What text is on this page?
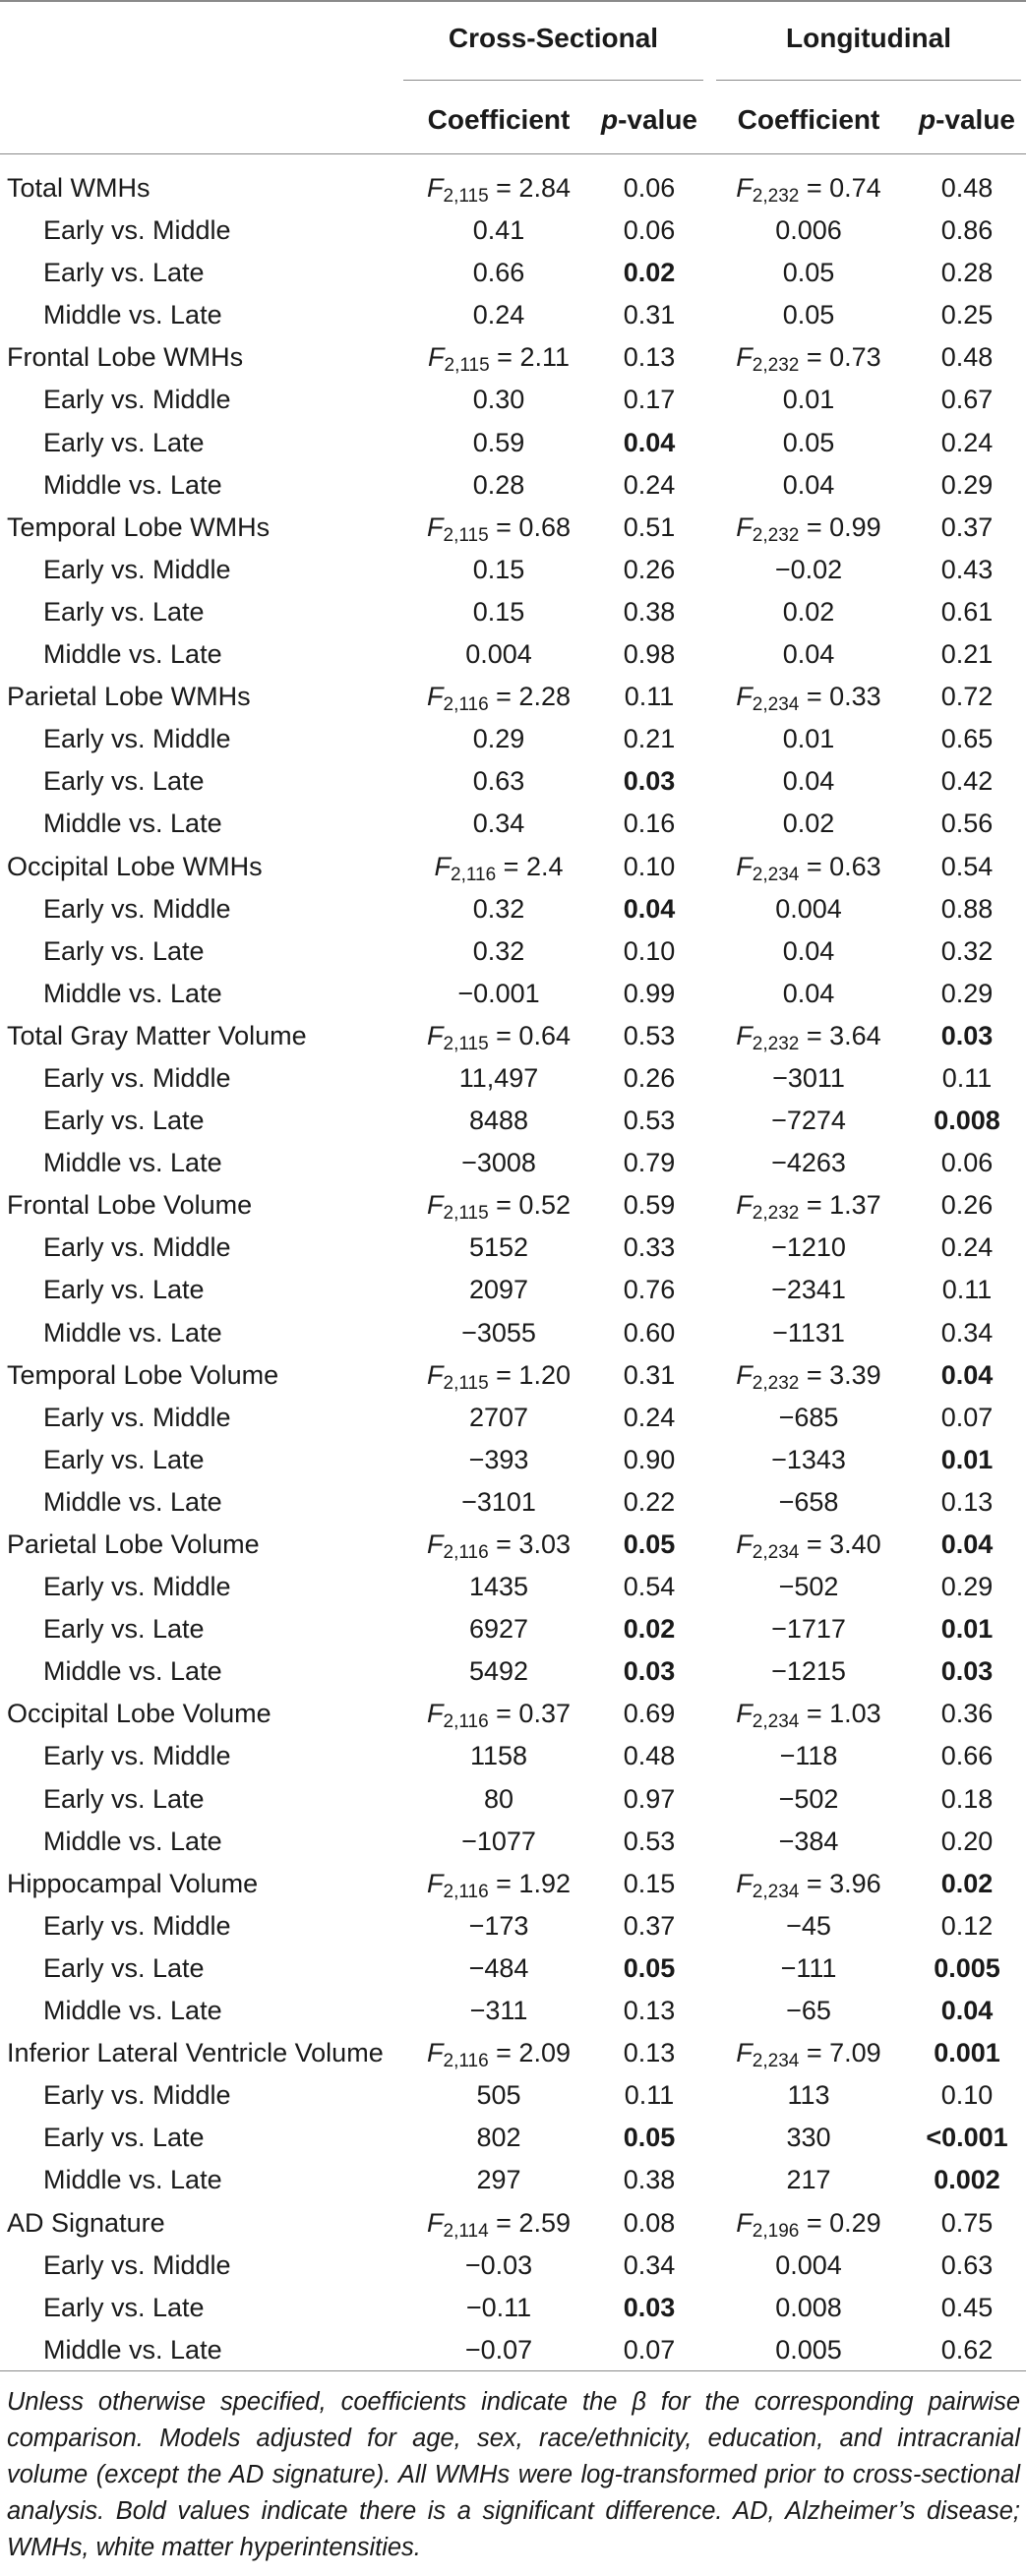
Cross-Sectional	Longitudinal
Coefficient	p-value	Coefficient	p-value
Total WMHs	$F_{2,115} = 2.84$	0.06	$F_{2,232} = 0.74$	0.48
Early vs. Middle	0.41	0.06	0.006	0.86
Early vs. Late	0.66	0.02	0.05	0.28
Middle vs. Late	0.24	0.31	0.05	0.25
Frontal Lobe WMHs	$F_{2,115} = 2.11$	0.13	$F_{2,232} = 0.73$	0.48
Early vs. Middle	0.30	0.17	0.01	0.67
Early vs. Late	0.59	0.04	0.05	0.24
Middle vs. Late	0.28	0.24	0.04	0.29
Temporal Lobe WMHs	$F_{2,115} = 0.68$	0.51	$F_{2,232} = 0.99$	0.37
Early vs. Middle	0.15	0.26	−0.02	0.43
Early vs. Late	0.15	0.38	0.02	0.61
Middle vs. Late	0.004	0.98	0.04	0.21
Parietal Lobe WMHs	$F_{2,116} = 2.28$	0.11	$F_{2,234} = 0.33$	0.72
Early vs. Middle	0.29	0.21	0.01	0.65
Early vs. Late	0.63	0.03	0.04	0.42
Middle vs. Late	0.34	0.16	0.02	0.56
Occipital Lobe WMHs	$F_{2,116} = 2.4$	0.10	$F_{2,234} = 0.63$	0.54
Early vs. Middle	0.32	0.04	0.004	0.88
Early vs. Late	0.32	0.10	0.04	0.32
Middle vs. Late	−0.001	0.99	0.04	0.29
Total Gray Matter Volume	$F_{2,115} = 0.64$	0.53	$F_{2,232} = 3.64$	0.03
Early vs. Middle	11,497	0.26	−3011	0.11
Early vs. Late	8488	0.53	−7274	0.008
Middle vs. Late	−3008	0.79	−4263	0.06
Frontal Lobe Volume	$F_{2,115} = 0.52$	0.59	$F_{2,232} = 1.37$	0.26
Early vs. Middle	5152	0.33	−1210	0.24
Early vs. Late	2097	0.76	−2341	0.11
Middle vs. Late	−3055	0.60	−1131	0.34
Temporal Lobe Volume	$F_{2,115} = 1.20$	0.31	$F_{2,232} = 3.39$	0.04
Early vs. Middle	2707	0.24	−685	0.07
Early vs. Late	−393	0.90	−1343	0.01
Middle vs. Late	−3101	0.22	−658	0.13
Parietal Lobe Volume	$F_{2,116} = 3.03$	0.05	$F_{2,234} = 3.40$	0.04
Early vs. Middle	1435	0.54	−502	0.29
Early vs. Late	6927	0.02	−1717	0.01
Middle vs. Late	5492	0.03	−1215	0.03
Occipital Lobe Volume	$F_{2,116} = 0.37$	0.69	$F_{2,234} = 1.03$	0.36
Early vs. Middle	1158	0.48	−118	0.66
Early vs. Late	80	0.97	−502	0.18
Middle vs. Late	−1077	0.53	−384	0.20
Hippocampal Volume	$F_{2,116} = 1.92$	0.15	$F_{2,234} = 3.96$	0.02
Early vs. Middle	−173	0.37	−45	0.12
Early vs. Late	−484	0.05	−111	0.005
Middle vs. Late	−311	0.13	−65	0.04
Inferior Lateral Ventricle Volume	$F_{2,116} = 2.09$	0.13	$F_{2,234} = 7.09$	0.001
Early vs. Middle	505	0.11	113	0.10
Early vs. Late	802	0.05	330	<0.001
Middle vs. Late	297	0.38	217	0.002
AD Signature	$F_{2,114} = 2.59$	0.08	$F_{2,196} = 0.29$	0.75
Early vs. Middle	−0.03	0.34	0.004	0.63
Early vs. Late	−0.11	0.03	0.008	0.45
Middle vs. Late	−0.07	0.07	0.005	0.62
Unless otherwise specified, coefficients indicate the β for the corresponding pairwise comparison. Models adjusted for age, sex, race/ethnicity, education, and intracranial volume (except the AD signature). All WMHs were log-transformed prior to cross-sectional analysis. Bold values indicate there is a significant difference. AD, Alzheimer’s disease; WMHs, white matter hyperintensities.
